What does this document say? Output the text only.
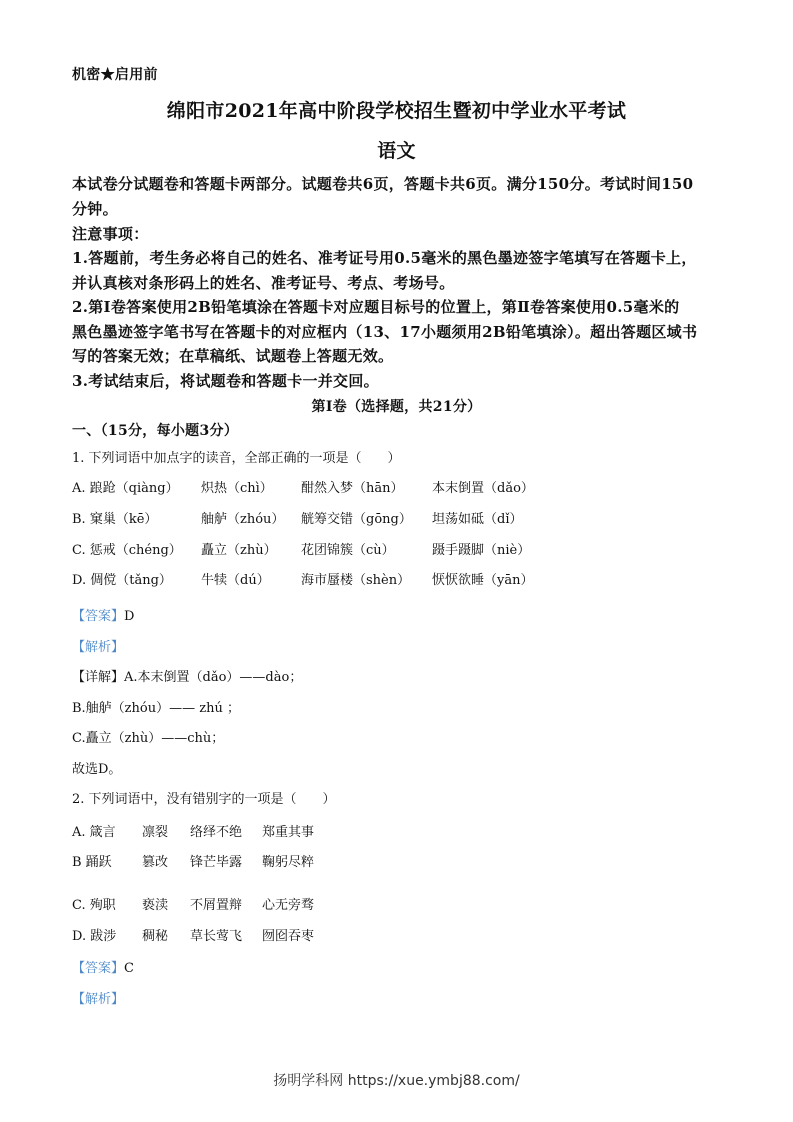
机密★启用前
绵阳市2021年高中阶段学校招生暨初中学业水平考试
语文
本试卷分试题卷和答题卡两部分。试题卷共6页，答题卡共6页。满分150分。考试时间150
分钟。
注意事项：
1.答题前，考生务必将自己的姓名、准考证号用0.5毫米的黑色墨迹签字笔填写在答题卡上，
并认真核对条形码上的姓名、准考证号、考点、考场号。
2.第Ⅰ卷答案使用2B铅笔填涂在答题卡对应题目标号的位置上，第Ⅱ卷答案使用0.5毫米的
黑色墨迹签字笔书写在答题卡的对应框内（13、17小题须用2B铅笔填涂）。超出答题区域书
写的答案无效；在草稿纸、试题卷上答题无效。
3.考试结束后，将试题卷和答题卡一并交回。
第Ⅰ卷（选择题，共21分）
一、（15分，每小题3分）
1. 下列词语中加点字的读音，全部正确的一项是（　　）
A. 踉跄（qiàng） 炽热（chì） 酣然入梦（hān） 本末倒置（dǎo）
B. 窠巢（kē）	舳舻（zhóu） 觥筹交错（gōng） 坦荡如砥（dǐ）
C. 惩戒（chéng） 矗立（zhù） 花团锦簇（cù）	蹑手蹑脚（niè）
D. 倜傥（tǎng） 牛犊（dú） 海市蜃楼（shèn） 恹恹欲睡（yān）
【答案】D
【解析】
【详解】A.本末倒置（dǎo）——dào；
B.舳舻（zhóu）—— zhú ；
C.矗立（zhù）——chù；
故选D。
2. 下列词语中，没有错别字的一项是（　　）
A. 箴言 凛裂 络绎不绝 郑重其事
B 踊跃 篡改 锋芒毕露 鞠躬尽粹
C. 殉职 亵渎 不屑置辩 心无旁骛
D. 跋涉 稠秘 草长莺飞 囫囵吞枣
【答案】C
【解析】
扬明学科网 https://xue.ymbj88.com/
